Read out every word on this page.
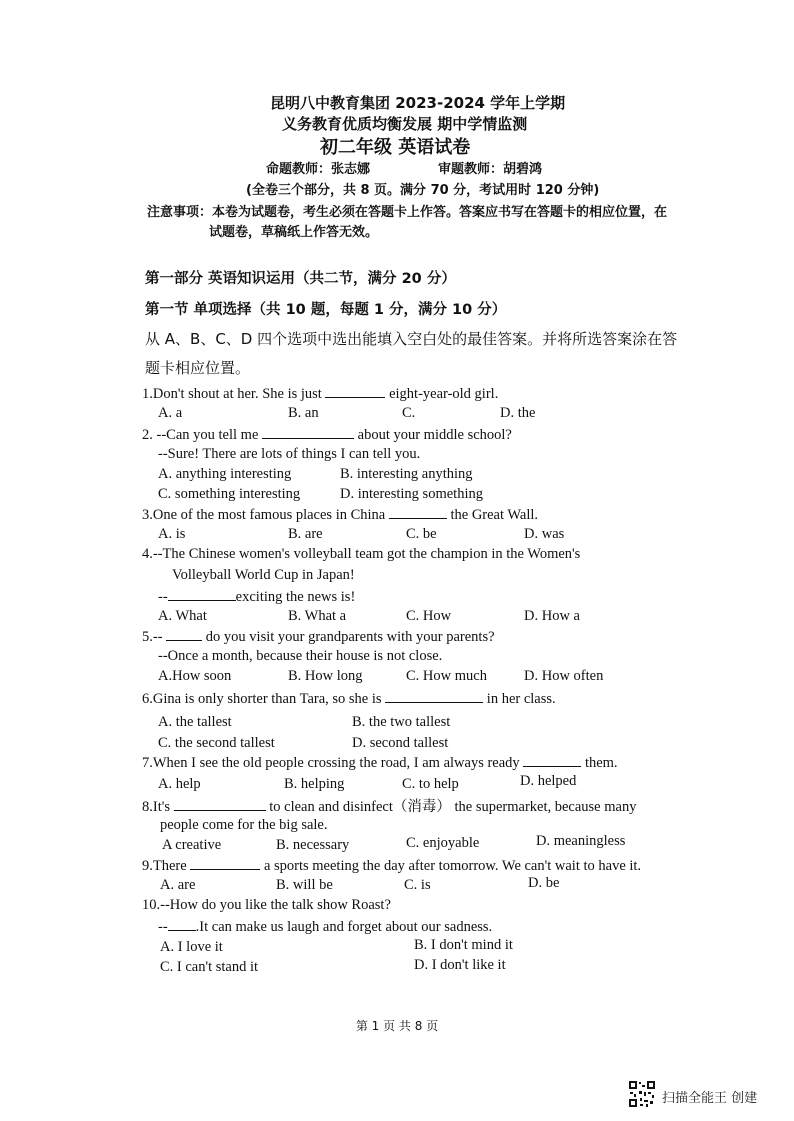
昆明八中教育集团 2023-2024 学年上学期
义务教育优质均衡发展 期中学情监测
初二年级 英语试卷
命题教师：张志娜	审题教师：胡碧鸿
(全卷三个部分，共 8 页。满分 70 分，考试用时 120 分钟)
注意事项：本卷为试题卷，考生必须在答题卡上作答。答案应书写在答题卡的相应位置，在
试题卷，草稿纸上作答无效。
第一部分 英语知识运用（共二节，满分 20 分）
第一节 单项选择（共 10 题，每题 1 分，满分 10 分）
从 A、B、C、D 四个选项中选出能填入空白处的最佳答案。并将所选答案涂在答
题卡相应位置。
1.Don't shout at her. She is just	eight-year-old girl.
A. a	B. an	C.	D. the
2. --Can you tell me	about your middle school?
--Sure! There are lots of things I can tell you.
A. anything interesting	B. interesting anything
C. something interesting	D. interesting something
3.One of the most famous places in China	the Great Wall.
A. is	B. are	C. be	D. was
4.--The Chinese women's volleyball team got the champion in the Women's
Volleyball World Cup in Japan!
--	exciting the news is!
A. What	B. What a	C. How	D. How a
5.--	do you visit your grandparents with your parents?
--Once a month, because their house is not close.
A.How soon	B. How long	C. How much	D. How often
6.Gina is only shorter than Tara, so she is	in her class.
A. the tallest	B. the two tallest
C. the second tallest	D. second tallest
7.When I see the old people crossing the road, I am always ready	them.
A. help	B. helping	C. to help	D. helped
8.It's	to clean and disinfect（消毒） the supermarket, because many
people come for the big sale.
A creative	B. necessary	C. enjoyable	D. meaningless
9.There	a sports meeting the day after tomorrow. We can't wait to have it.
A. are	B. will be	C. is	D. be
10.--How do you like the talk show Roast?
-- .It can make us laugh and forget about our sadness.
A. I love it	B. I don't mind it
C. I can't stand it	D. I don't like it
第 1 页 共 8 页
扫描全能王 创建
